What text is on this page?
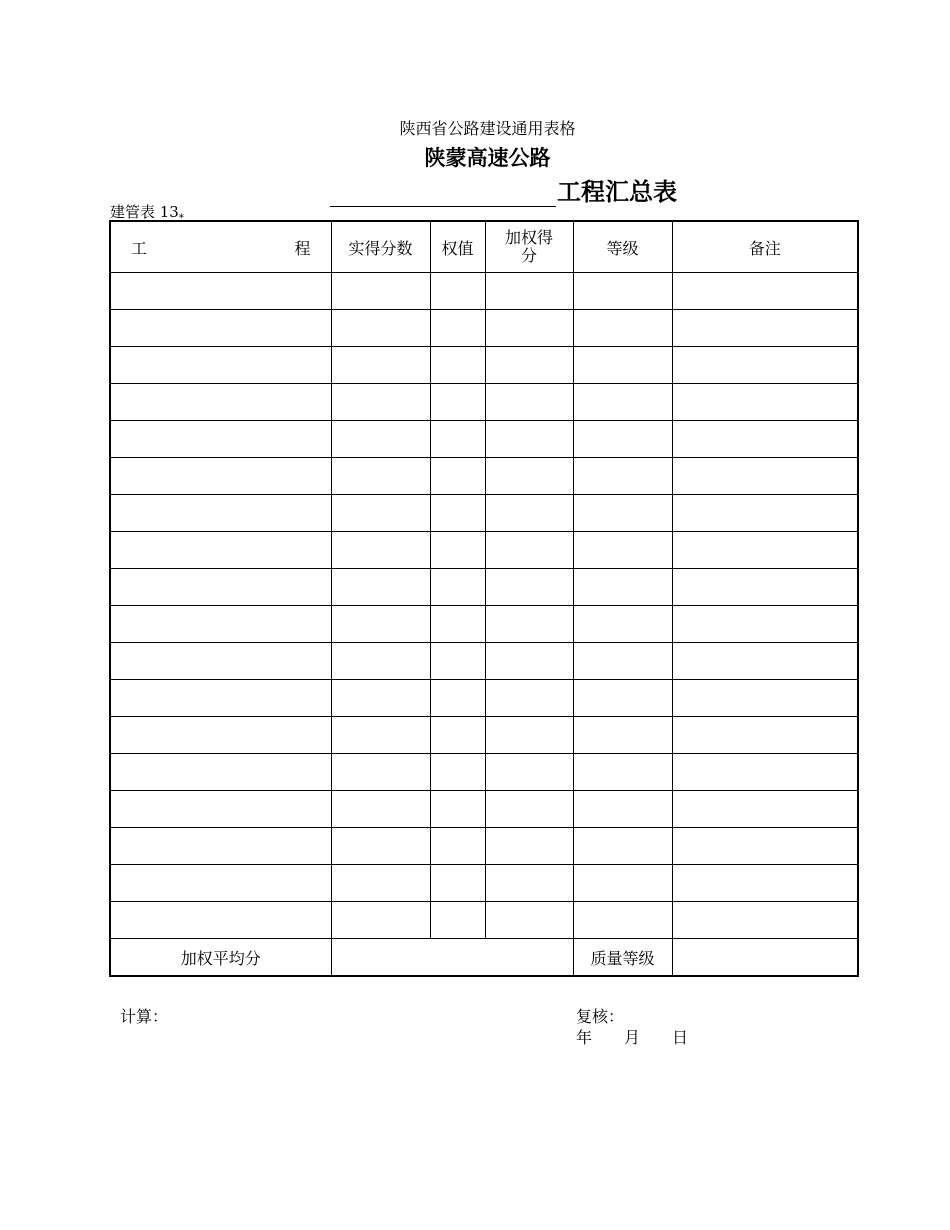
陕西省公路建设通用表格
陕蒙高速公路
工程汇总表
建管表 $13_*$
工 程	实得分数	权值	加权得分	等级	备注

加权平均分				质量等级	
计算：	复核：
年　　月　　日
